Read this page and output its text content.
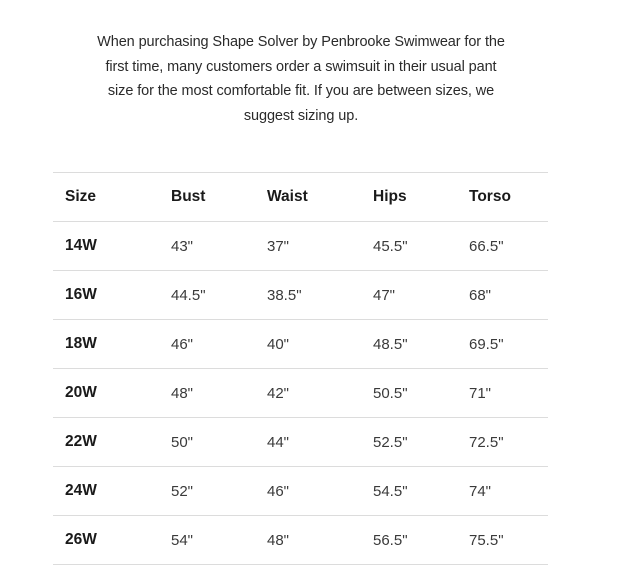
When purchasing Shape Solver by Penbrooke Swimwear for the
first time, many customers order a swimsuit in their usual pant
size for the most comfortable fit. If you are between sizes, we
suggest sizing up.
Size	Bust	Waist	Hips	Torso
14W	43"	37"	45.5"	66.5"
16W	44.5"	38.5"	47"	68"
18W	46"	40"	48.5"	69.5"
20W	48"	42"	50.5"	71"
22W	50"	44"	52.5"	72.5"
24W	52"	46"	54.5"	74"
26W	54"	48"	56.5"	75.5"
